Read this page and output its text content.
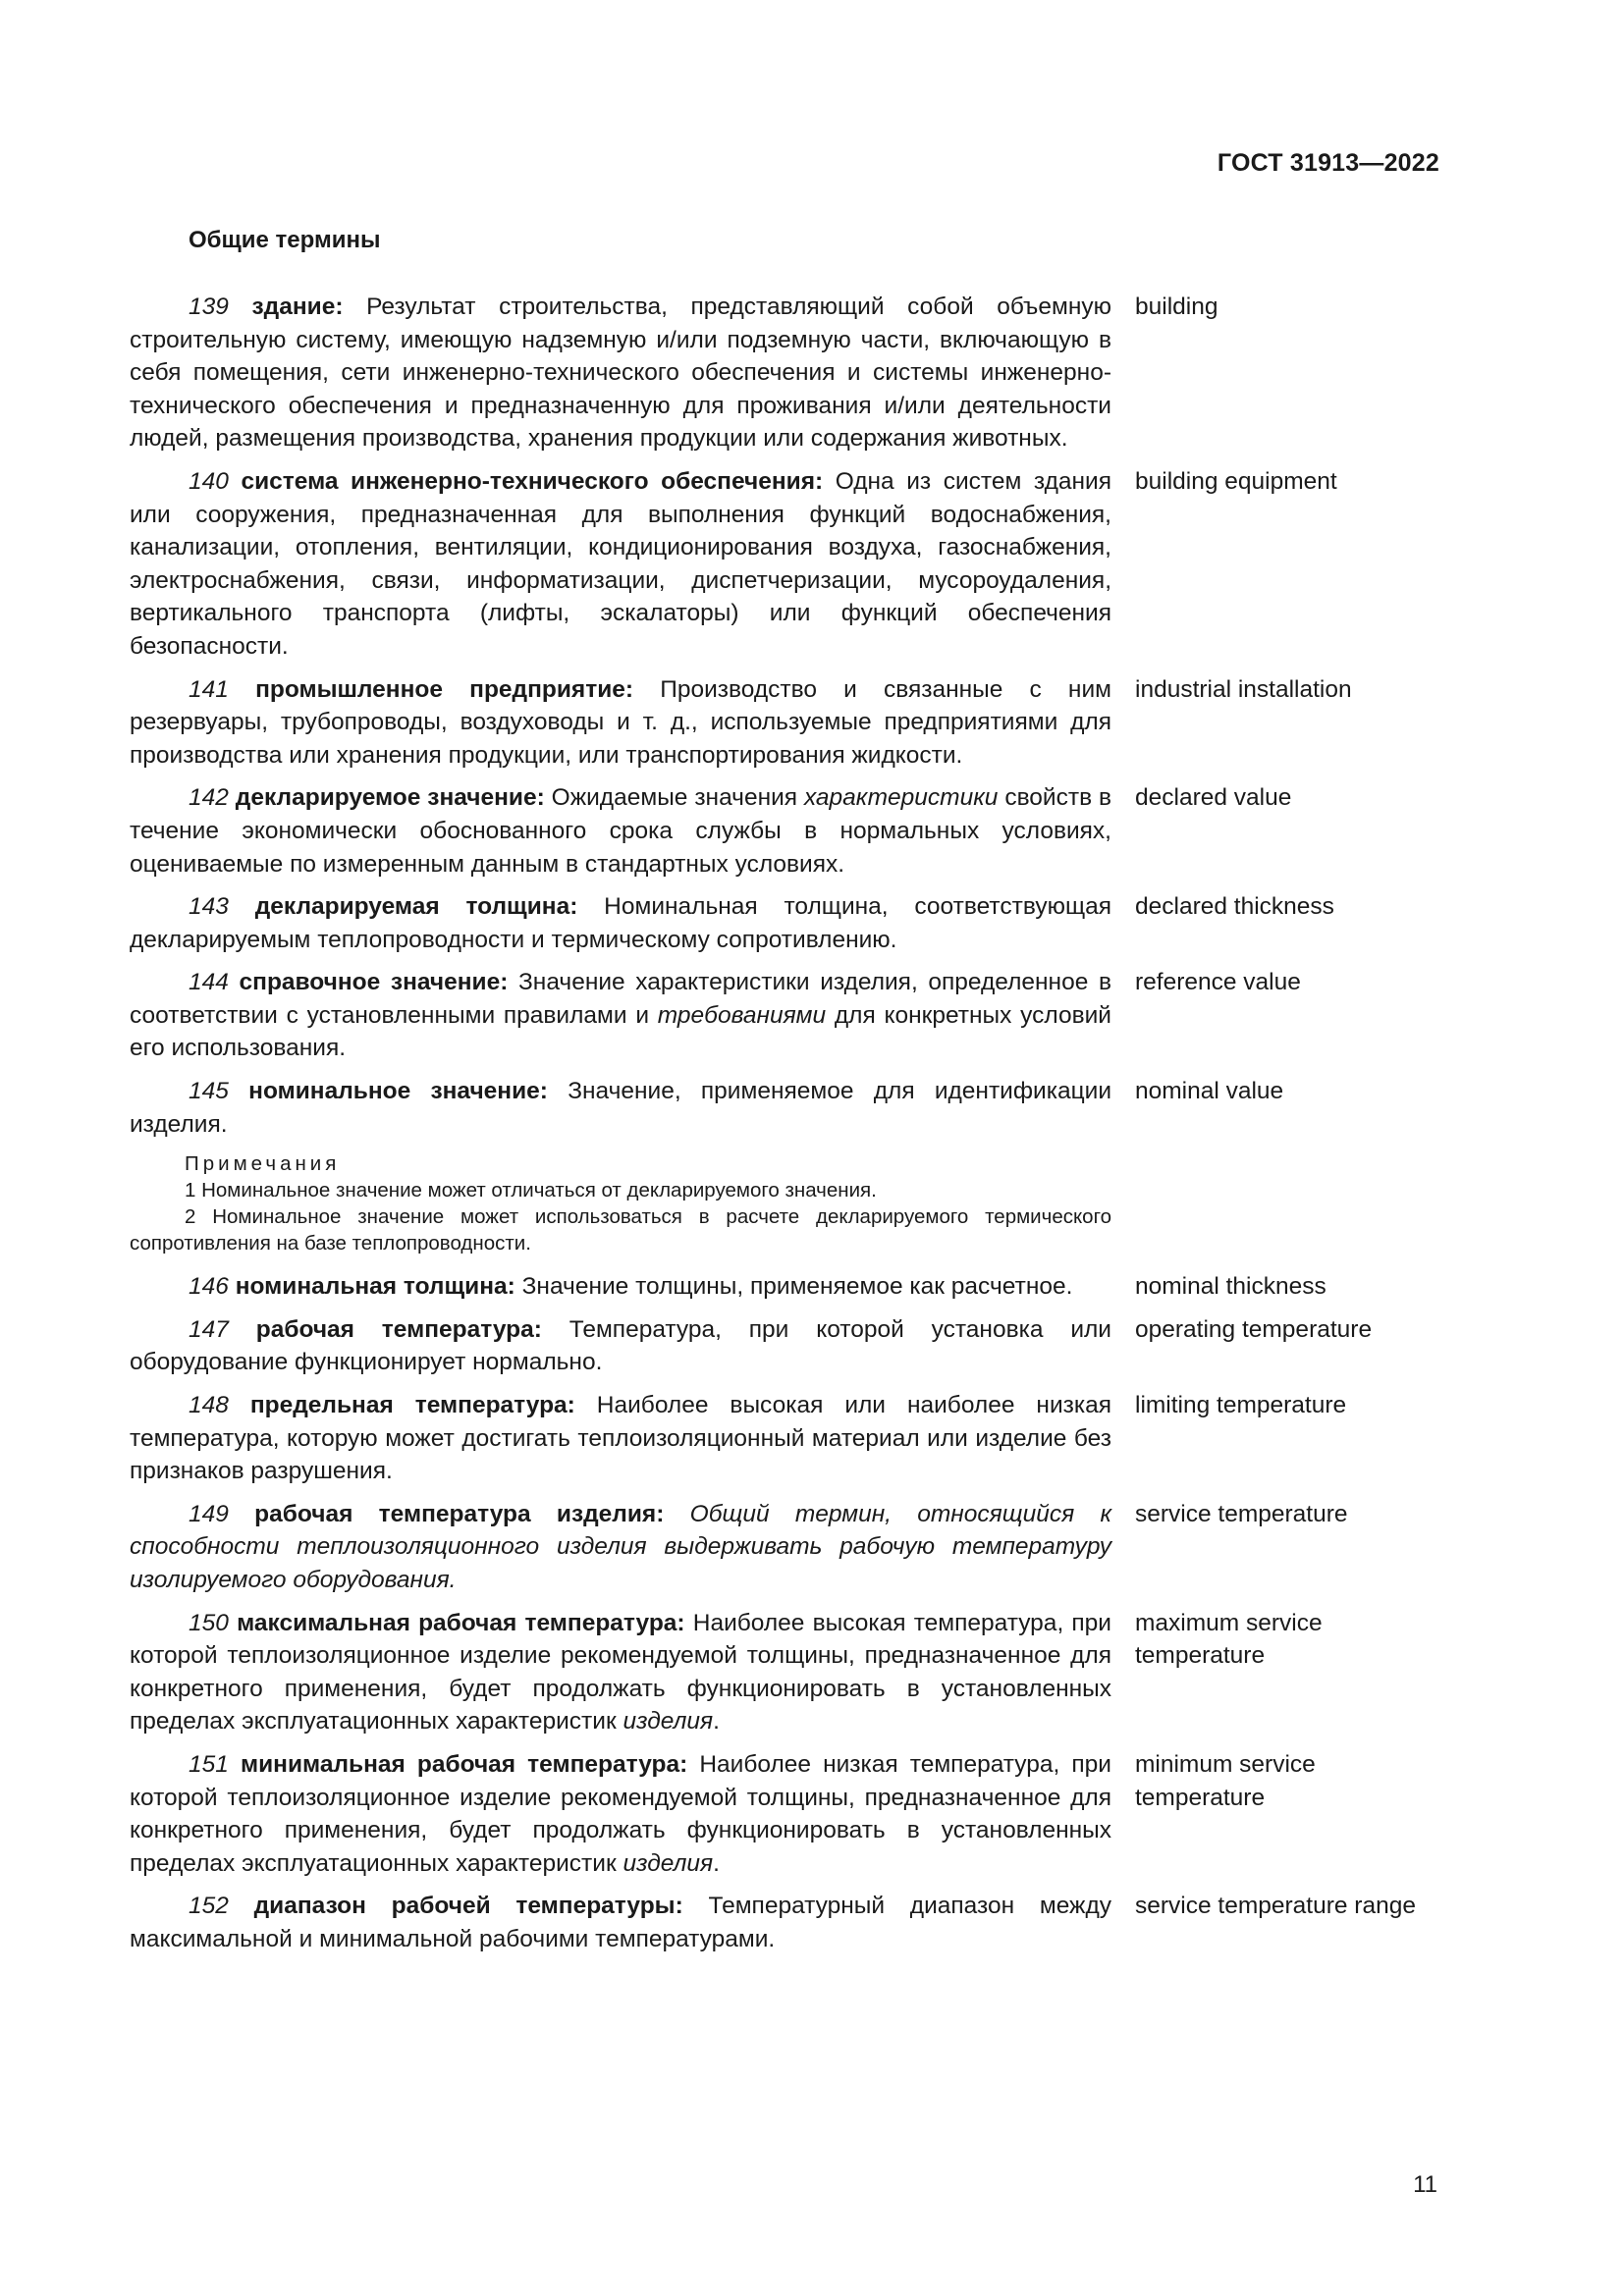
ГОСТ 31913—2022
Общие термины
139 здание: Результат строительства, представляющий собой объемную строительную систему, имеющую надземную и/или подземную части, включающую в себя помещения, сети инженерно-технического обеспечения и системы инженерно-технического обеспечения и предназначенную для проживания и/или деятельности людей, размещения производства, хранения продукции или содержания животных.
building
140 система инженерно-технического обеспечения: Одна из систем здания или сооружения, предназначенная для выполнения функций водоснабжения, канализации, отопления, вентиляции, кондиционирования воздуха, газоснабжения, электроснабжения, связи, информатизации, диспетчеризации, мусороудаления, вертикального транспорта (лифты, эскалаторы) или функций обеспечения безопасности.
building equipment
141 промышленное предприятие: Производство и связанные с ним резервуары, трубопроводы, воздуховоды и т. д., используемые предприятиями для производства или хранения продукции, или транспортирования жидкости.
industrial installation
142 декларируемое значение: Ожидаемые значения характеристики свойств в течение экономически обоснованного срока службы в нормальных условиях, оцениваемые по измеренным данным в стандартных условиях.
declared value
143 декларируемая толщина: Номинальная толщина, соответствующая декларируемым теплопроводности и термическому сопротивлению.
declared thickness
144 справочное значение: Значение характеристики изделия, определенное в соответствии с установленными правилами и требованиями для конкретных условий его использования.
reference value
145 номинальное значение: Значение, применяемое для идентификации изделия.
nominal value
Примечания
1 Номинальное значение может отличаться от декларируемого значения.
2 Номинальное значение может использоваться в расчете декларируемого термического сопротивления на базе теплопроводности.
146 номинальная толщина: Значение толщины, применяемое как расчетное.	nominal thickness
147 рабочая температура: Температура, при которой установка или оборудование функционирует нормально.
operating temperature
148 предельная температура: Наиболее высокая или наиболее низкая температура, которую может достигать теплоизоляционный материал или изделие без признаков разрушения.
limiting temperature
149 рабочая температура изделия: Общий термин, относящийся к способности теплоизоляционного изделия выдерживать рабочую температуру изолируемого оборудования.
service temperature
150 максимальная рабочая температура: Наиболее высокая температура, при которой теплоизоляционное изделие рекомендуемой толщины, предназначенное для конкретного применения, будет продолжать функционировать в установленных пределах эксплуатационных характеристик изделия.
maximum service temperature
151 минимальная рабочая температура: Наиболее низкая температура, при которой теплоизоляционное изделие рекомендуемой толщины, предназначенное для конкретного применения, будет продолжать функционировать в установленных пределах эксплуатационных характеристик изделия.
minimum service temperature
152 диапазон рабочей температуры: Температурный диапазон между максимальной и минимальной рабочими температурами.
service temperature range
11
